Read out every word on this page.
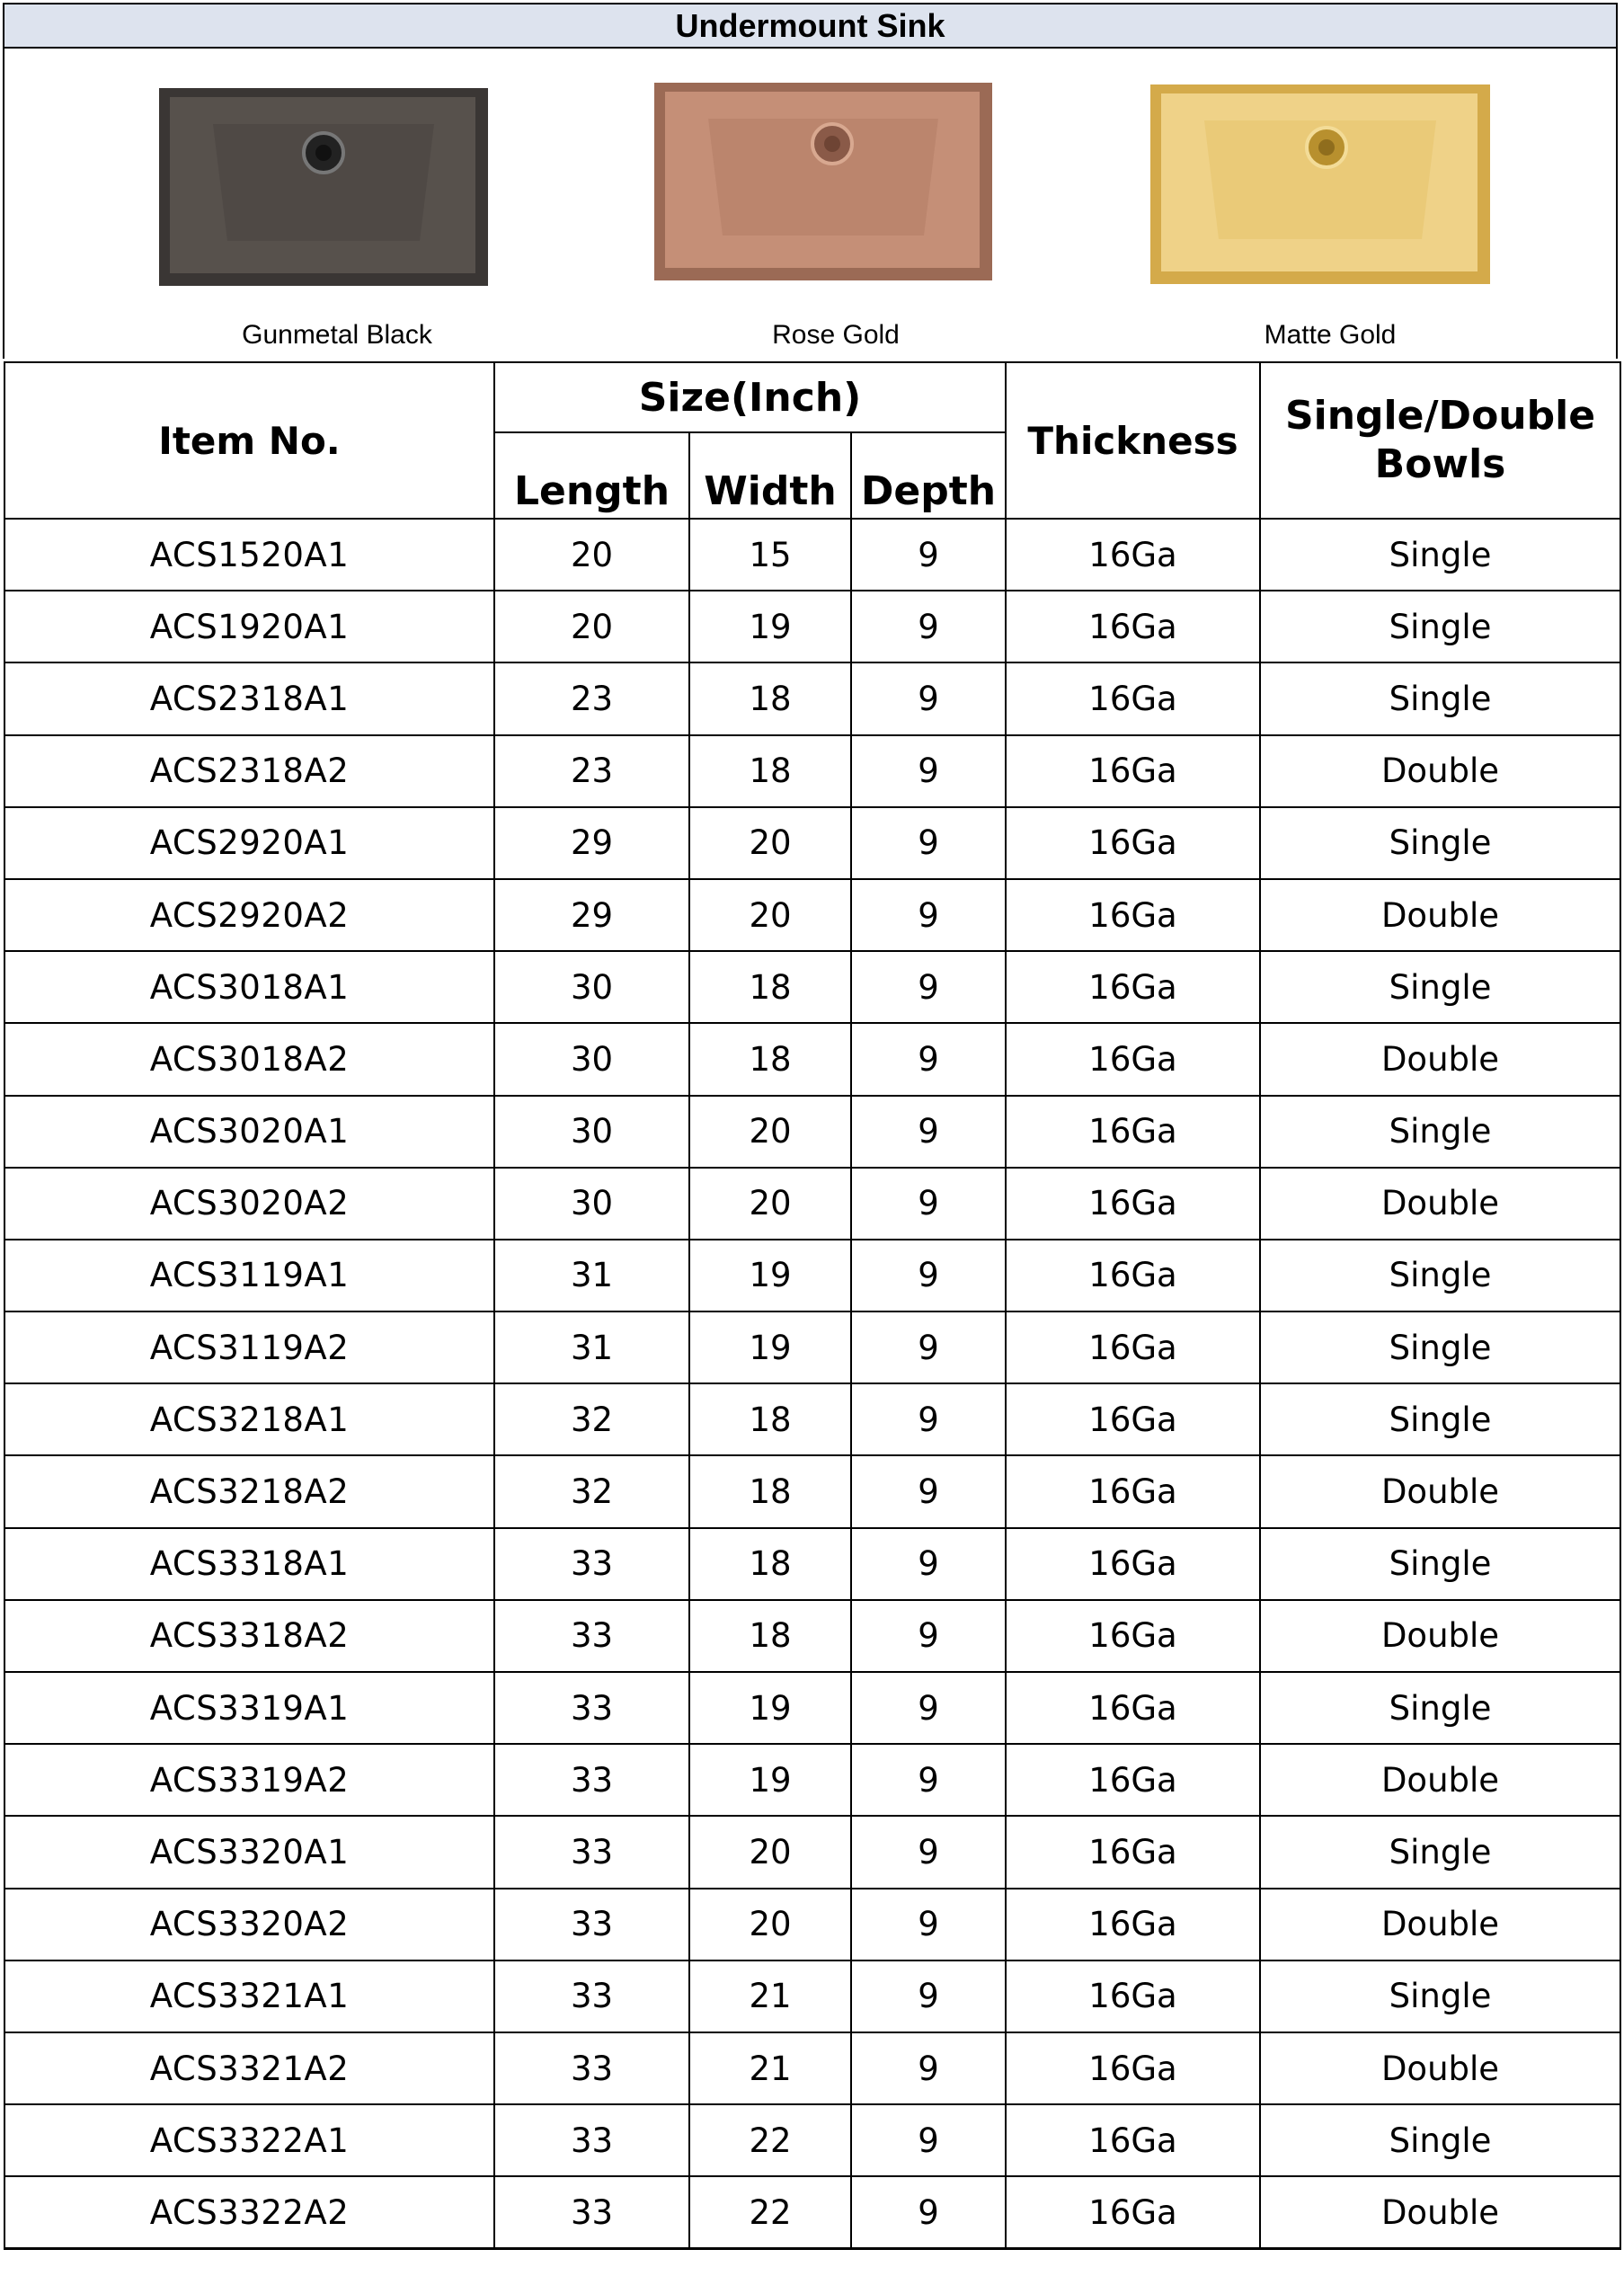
Undermount Sink
Gunmetal Black	Rose Gold	Matte Gold
Item No.	Size(Inch)			Thickness	Single/Double
Bowls

	Length	Width	Depth		
ACS1520A1	20	15	9	16Ga	Single
ACS1920A1	20	19	9	16Ga	Single
ACS2318A1	23	18	9	16Ga	Single
ACS2318A2	23	18	9	16Ga	Double
ACS2920A1	29	20	9	16Ga	Single
ACS2920A2	29	20	9	16Ga	Double
ACS3018A1	30	18	9	16Ga	Single
ACS3018A2	30	18	9	16Ga	Double
ACS3020A1	30	20	9	16Ga	Single
ACS3020A2	30	20	9	16Ga	Double
ACS3119A1	31	19	9	16Ga	Single
ACS3119A2	31	19	9	16Ga	Single
ACS3218A1	32	18	9	16Ga	Single
ACS3218A2	32	18	9	16Ga	Double
ACS3318A1	33	18	9	16Ga	Single
ACS3318A2	33	18	9	16Ga	Double
ACS3319A1	33	19	9	16Ga	Single
ACS3319A2	33	19	9	16Ga	Double
ACS3320A1	33	20	9	16Ga	Single
ACS3320A2	33	20	9	16Ga	Double
ACS3321A1	33	21	9	16Ga	Single
ACS3321A2	33	21	9	16Ga	Double
ACS3322A1	33	22	9	16Ga	Single
ACS3322A2	33	22	9	16Ga	Double
